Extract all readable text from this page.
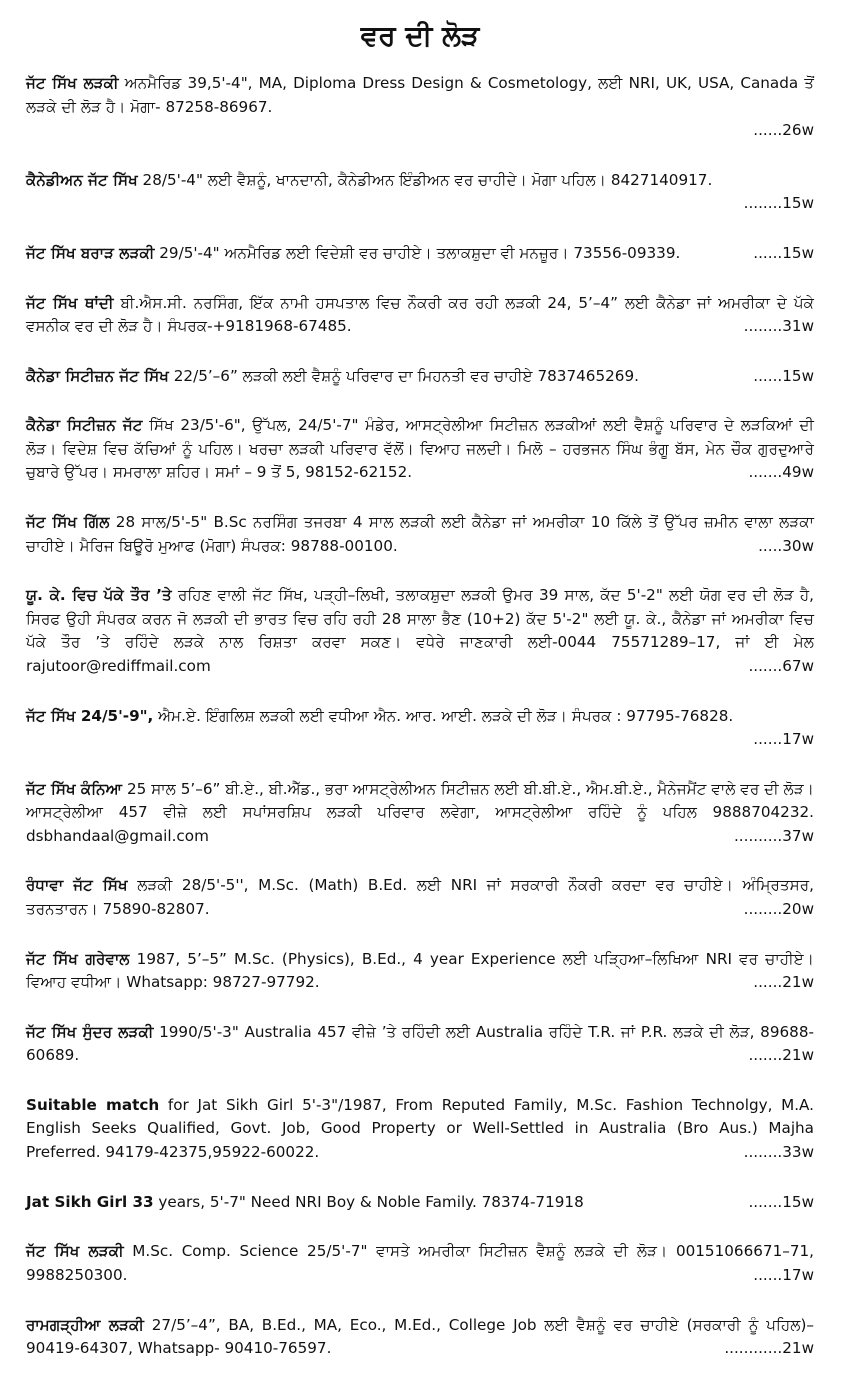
ਵਰ ਦੀ ਲੋੜ
ਜੱਟ ਸਿੱਖ ਲੜਕੀ ਅਨਮੈਰਿਡ 39,5'-4", MA, Diploma Dress Design & Cosmetology, ਲਈ NRI, UK, USA, Canada ਤੋਂ ਲੜਕੇ ਦੀ ਲੋੜ ਹੈ। ਮੋਗਾ- 87258-86967.
......26w
ਕੈਨੇਡੀਅਨ ਜੱਟ ਸਿੱਖ 28/5'-4" ਲਈ ਵੈਸ਼ਨੂੰ, ਖਾਨਦਾਨੀ, ਕੈਨੇਡੀਅਨ ਇੰਡੀਅਨ ਵਰ ਚਾਹੀਦੇ। ਮੋਗਾ ਪਹਿਲ। 8427140917.
........15w
......15w
ਜੱਟ ਸਿੱਖ ਬਰਾੜ ਲੜਕੀ 29/5'-4" ਅਨਮੈਰਿਡ ਲਈ ਵਿਦੇਸ਼ੀ ਵਰ ਚਾਹੀਏ। ਤਲਾਕਸ਼ੁਦਾ ਵੀ ਮਨਜ਼ੂਰ। 73556-09339.
ਜੱਟ ਸਿੱਖ ਥਾਂਦੀ ਬੀ.ਐਸ.ਸੀ. ਨਰਸਿੰਗ, ਇੱਕ ਨਾਮੀ ਹਸਪਤਾਲ ਵਿਚ ਨੌਕਰੀ ਕਰ ਰਹੀ ਲੜਕੀ 24, 5’–4” ਲਈ ਕੈਨੇਡਾ ਜਾਂ ਅਮਰੀਕਾ ਦੇ ਪੱਕੇ ਵਸਨੀਕ ਵਰ ਦੀ ਲੋੜ ਹੈ। ਸੰਪਰਕ-+9181968-67485.	........31w
......15w
ਕੈਨੇਡਾ ਸਿਟੀਜ਼ਨ ਜੱਟ ਸਿੱਖ 22/5’–6” ਲੜਕੀ ਲਈ ਵੈਸ਼ਨੂੰ ਪਰਿਵਾਰ ਦਾ ਮਿਹਨਤੀ ਵਰ ਚਾਹੀਏ 7837465269.
ਕੈਨੇਡਾ ਸਿਟੀਜ਼ਨ ਜੱਟ ਸਿੱਖ 23/5'-6", ਉੱਪਲ, 24/5'-7" ਮੰਡੇਰ, ਆਸਟ੍ਰੇਲੀਆ ਸਿਟੀਜ਼ਨ ਲੜਕੀਆਂ ਲਈ ਵੈਸ਼ਨੂੰ ਪਰਿਵਾਰ ਦੇ ਲੜਕਿਆਂ ਦੀ ਲੋੜ। ਵਿਦੇਸ਼ ਵਿਚ ਕੱਚਿਆਂ ਨੂੰ ਪਹਿਲ। ਖਰਚਾ ਲੜਕੀ ਪਰਿਵਾਰ ਵੱਲੋਂ। ਵਿਆਹ ਜਲਦੀ। ਮਿਲੋ – ਹਰਭਜਨ ਸਿੰਘ ਭੰਗੂ ਬੱਸ, ਮੇਨ ਚੌਕ ਗੁਰਦੁਆਰੇ ਚੁਬਾਰੇ ਉੱਪਰ। ਸਮਰਾਲਾ ਸ਼ਹਿਰ। ਸਮਾਂ – 9 ਤੋਂ 5, 98152-62152.	.......49w
ਜੱਟ ਸਿੱਖ ਗਿੱਲ 28 ਸਾਲ/5'-5" B.Sc ਨਰਸਿੰਗ ਤਜਰਬਾ 4 ਸਾਲ ਲੜਕੀ ਲਈ ਕੈਨੇਡਾ ਜਾਂ ਅਮਰੀਕਾ 10 ਕਿੱਲੇ ਤੋਂ ਉੱਪਰ ਜ਼ਮੀਨ ਵਾਲਾ ਲੜਕਾ ਚਾਹੀਏ। ਮੈਰਿਜ ਬਿਊਰੋ ਮੁਆਫ (ਮੋਗਾ) ਸੰਪਰਕ: 98788-00100.	.....30w
ਯੂ. ਕੇ. ਵਿਚ ਪੱਕੇ ਤੌਰ ’ਤੇ ਰਹਿਣ ਵਾਲੀ ਜੱਟ ਸਿੱਖ, ਪੜ੍ਹੀ–ਲਿਖੀ, ਤਲਾਕਸ਼ੁਦਾ ਲੜਕੀ ਉਮਰ 39 ਸਾਲ, ਕੱਦ 5'-2" ਲਈ ਯੋਗ ਵਰ ਦੀ ਲੋੜ ਹੈ, ਸਿਰਫ ਉਹੀ ਸੰਪਰਕ ਕਰਨ ਜੋ ਲੜਕੀ ਦੀ ਭਾਰਤ ਵਿਚ ਰਹਿ ਰਹੀ 28 ਸਾਲਾ ਭੈਣ (10+2) ਕੱਦ 5'-2" ਲਈ ਯੂ. ਕੇ., ਕੈਨੇਡਾ ਜਾਂ ਅਮਰੀਕਾ ਵਿਚ ਪੱਕੇ ਤੌਰ ’ਤੇ ਰਹਿੰਦੇ ਲੜਕੇ ਨਾਲ ਰਿਸ਼ਤਾ ਕਰਵਾ ਸਕਣ। ਵਧੇਰੇ ਜਾਣਕਾਰੀ ਲਈ-0044 75571289–17, ਜਾਂ ਈ ਮੇਲ rajutoor@rediffmail.com	.......67w
ਜੱਟ ਸਿੱਖ 24/5'-9", ਐਮ.ਏ. ਇੰਗਲਿਸ਼ ਲੜਕੀ ਲਈ ਵਧੀਆ ਐਨ. ਆਰ. ਆਈ. ਲੜਕੇ ਦੀ ਲੋੜ। ਸੰਪਰਕ : 97795-76828.
......17w
ਜੱਟ ਸਿੱਖ ਕੰਨਿਆ 25 ਸਾਲ 5’–6” ਬੀ.ਏ., ਬੀ.ਐੱਡ., ਭਰਾ ਆਸਟ੍ਰੇਲੀਅਨ ਸਿਟੀਜ਼ਨ ਲਈ ਬੀ.ਬੀ.ਏ., ਐਮ.ਬੀ.ਏ., ਮੈਨੇਜਮੈਂਟ ਵਾਲੇ ਵਰ ਦੀ ਲੋੜ। ਆਸਟ੍ਰੇਲੀਆ 457 ਵੀਜ਼ੇ ਲਈ ਸਪਾਂਸਰਸ਼ਿਪ ਲੜਕੀ ਪਰਿਵਾਰ ਲਵੇਗਾ, ਆਸਟ੍ਰੇਲੀਆ ਰਹਿੰਦੇ ਨੂੰ ਪਹਿਲ 9888704232. dsbhandaal@gmail.com	..........37w
ਰੰਧਾਵਾ ਜੱਟ ਸਿੱਖ ਲੜਕੀ 28/5'-5'', M.Sc. (Math) B.Ed. ਲਈ NRI ਜਾਂ ਸਰਕਾਰੀ ਨੌਕਰੀ ਕਰਦਾ ਵਰ ਚਾਹੀਏ। ਅੰਮ੍ਰਿਤਸਰ, ਤਰਨਤਾਰਨ। 75890-82807.	........20w
ਜੱਟ ਸਿੱਖ ਗਰੇਵਾਲ 1987, 5’–5” M.Sc. (Physics), B.Ed., 4 year Experience ਲਈ ਪੜ੍ਹਿਆ–ਲਿਖਿਆ NRI ਵਰ ਚਾਹੀਏ। ਵਿਆਹ ਵਧੀਆ। Whatsapp: 98727-97792.	......21w
ਜੱਟ ਸਿੱਖ ਸੁੰਦਰ ਲੜਕੀ 1990/5'-3" Australia 457 ਵੀਜ਼ੇ ’ਤੇ ਰਹਿੰਦੀ ਲਈ Australia ਰਹਿੰਦੇ T.R. ਜਾਂ P.R. ਲੜਕੇ ਦੀ ਲੋੜ, 89688-60689.	.......21w
Suitable match for Jat Sikh Girl 5'-3"/1987, From Reputed Family, M.Sc. Fashion Technolgy, M.A. English Seeks Qualified, Govt. Job, Good Property or Well-Settled in Australia (Bro Aus.) Majha Preferred. 94179-42375,95922-60022.	........33w
.......15w
Jat Sikh Girl 33 years, 5'-7" Need NRI Boy & Noble Family. 78374-71918
ਜੱਟ ਸਿੱਖ ਲੜਕੀ M.Sc. Comp. Science 25/5'-7" ਵਾਸਤੇ ਅਮਰੀਕਾ ਸਿਟੀਜ਼ਨ ਵੈਸ਼ਨੂੰ ਲੜਕੇ ਦੀ ਲੋੜ। 00151066671–71, 9988250300.	......17w
ਰਾਮਗੜ੍ਹੀਆ ਲੜਕੀ 27/5’–4”, BA, B.Ed., MA, Eco., M.Ed., College Job ਲਈ ਵੈਸ਼ਨੂੰ ਵਰ ਚਾਹੀਏ (ਸਰਕਾਰੀ ਨੂੰ ਪਹਿਲ)– 90419-64307, Whatsapp- 90410-76597.	............21w
